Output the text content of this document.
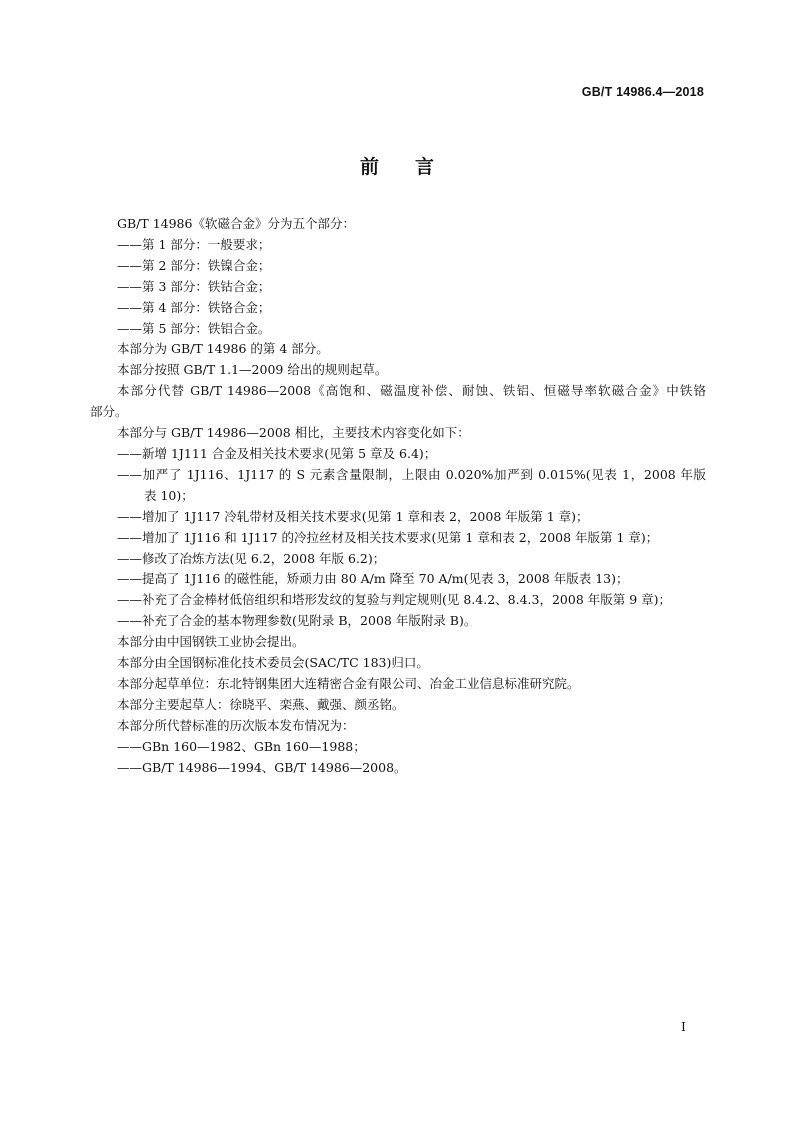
GB/T 14986.4—2018
前言

GB/T 14986《软磁合金》分为五个部分：

——第 1 部分：一般要求；

——第 2 部分：铁镍合金；

——第 3 部分：铁钴合金；

——第 4 部分：铁铬合金；

——第 5 部分：铁铝合金。

本部分为 GB/T 14986 的第 4 部分。

本部分按照 GB/T 1.1—2009 给出的规则起草。

本部分代替 GB/T 14986—2008《高饱和、磁温度补偿、耐蚀、铁铝、恒磁导率软磁合金》中铁铬
部分。

本部分与 GB/T 14986—2008 相比，主要技术内容变化如下：

——新增 1J111 合金及相关技术要求(见第 5 章及 6.4)；

——加严了 1J116、1J117 的 S 元素含量限制，上限由 0.020%加严到 0.015%(见表 1，2008 年版
表 10)；

——增加了 1J117 冷轧带材及相关技术要求(见第 1 章和表 2，2008 年版第 1 章)；

——增加了 1J116 和 1J117 的冷拉丝材及相关技术要求(见第 1 章和表 2，2008 年版第 1 章)；

——修改了冶炼方法(见 6.2，2008 年版 6.2)；

——提高了 1J116 的磁性能，矫顽力由 80 A/m 降至 70 A/m(见表 3，2008 年版表 13)；

——补充了合金棒材低倍组织和塔形发纹的复验与判定规则(见 8.4.2、8.4.3，2008 年版第 9 章)；

——补充了合金的基本物理参数(见附录 B，2008 年版附录 B)。

本部分由中国钢铁工业协会提出。

本部分由全国钢标准化技术委员会(SAC/TC 183)归口。

本部分起草单位：东北特钢集团大连精密合金有限公司、冶金工业信息标准研究院。

本部分主要起草人：徐晓平、栾燕、戴强、颜丞铭。

本部分所代替标准的历次版本发布情况为：

——GBn 160—1982、GBn 160—1988；

——GB/T 14986—1994、GB/T 14986—2008。

I
